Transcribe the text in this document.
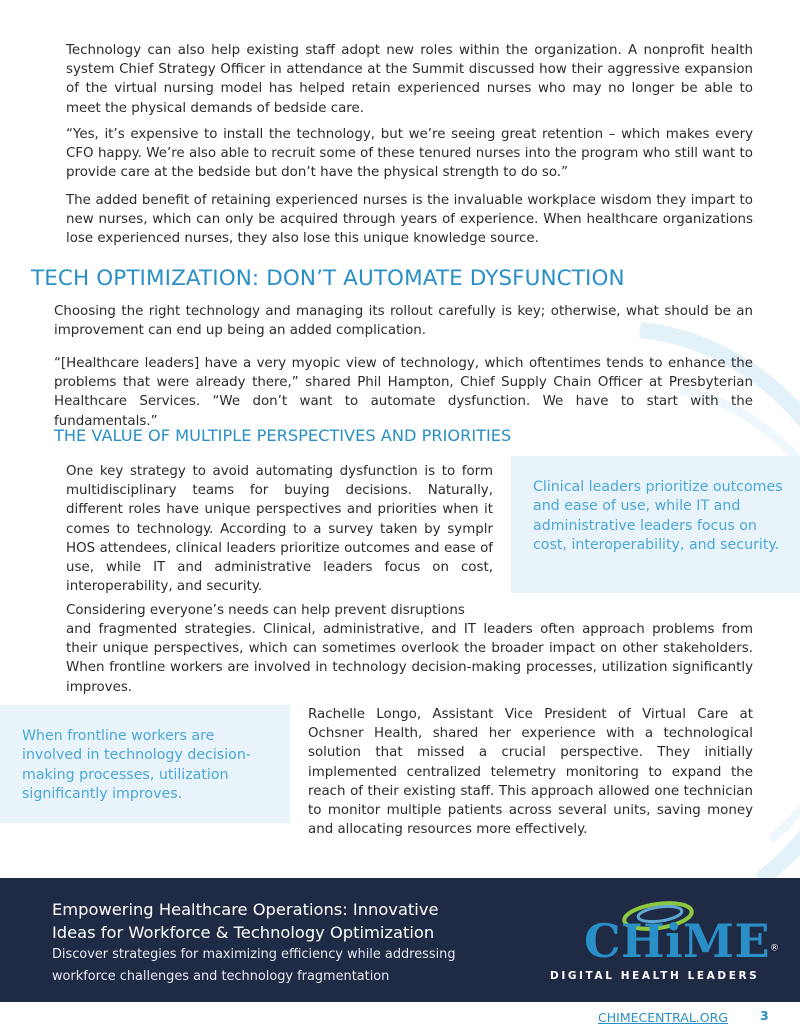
Technology can also help existing staff adopt new roles within the organization. A nonprofit health system Chief Strategy Officer in attendance at the Summit discussed how their aggressive expansion of the virtual nursing model has helped retain experienced nurses who may no longer be able to meet the physical demands of bedside care.

“Yes, it’s expensive to install the technology, but we’re seeing great retention – which makes every CFO happy. We’re also able to recruit some of these tenured nurses into the program who still want to provide care at the bedside but don’t have the physical strength to do so.”

The added benefit of retaining experienced nurses is the invaluable workplace wisdom they impart to new nurses, which can only be acquired through years of experience. When healthcare organizations lose experienced nurses, they also lose this unique knowledge source.

TECH OPTIMIZATION: DON’T AUTOMATE DYSFUNCTION

Choosing the right technology and managing its rollout carefully is key; otherwise, what should be an improvement can end up being an added complication.

“[Healthcare leaders] have a very myopic view of technology, which oftentimes tends to enhance the problems that were already there,” shared Phil Hampton, Chief Supply Chain Officer at Presbyterian Healthcare Services. “We don’t want to automate dysfunction. We have to start with the fundamentals.”

THE VALUE OF MULTIPLE PERSPECTIVES AND PRIORITIES

One key strategy to avoid automating dysfunction is to form multidisciplinary teams for buying decisions. Naturally, different roles have unique perspectives and priorities when it comes to technology. According to a survey taken by symplr HOS attendees, clinical leaders prioritize outcomes and ease of use, while IT and administrative leaders focus on cost, interoperability, and security.

Clinical leaders prioritize outcomes and ease of use, while IT and administrative leaders focus on cost, interoperability, and security.

Considering everyone’s needs can help prevent disruptions

and fragmented strategies. Clinical, administrative, and IT leaders often approach problems from their unique perspectives, which can sometimes overlook the broader impact on other stakeholders. When frontline workers are involved in technology decision-making processes, utilization significantly improves.

When frontline workers are involved in technology decision-making processes, utilization significantly improves.

Rachelle Longo, Assistant Vice President of Virtual Care at Ochsner Health, shared her experience with a technological solution that missed a crucial perspective. They initially implemented centralized telemetry monitoring to expand the reach of their existing staff. This approach allowed one technician to monitor multiple patients across several units, saving money and allocating resources more effectively.

Empowering Healthcare Operations: Innovative Ideas for Workforce & Technology Optimization
Discover strategies for maximizing efficiency while addressing workforce challenges and technology fragmentation
CHiME®
DIGITAL HEALTH LEADERS
CHIMECENTRAL.ORG	3
